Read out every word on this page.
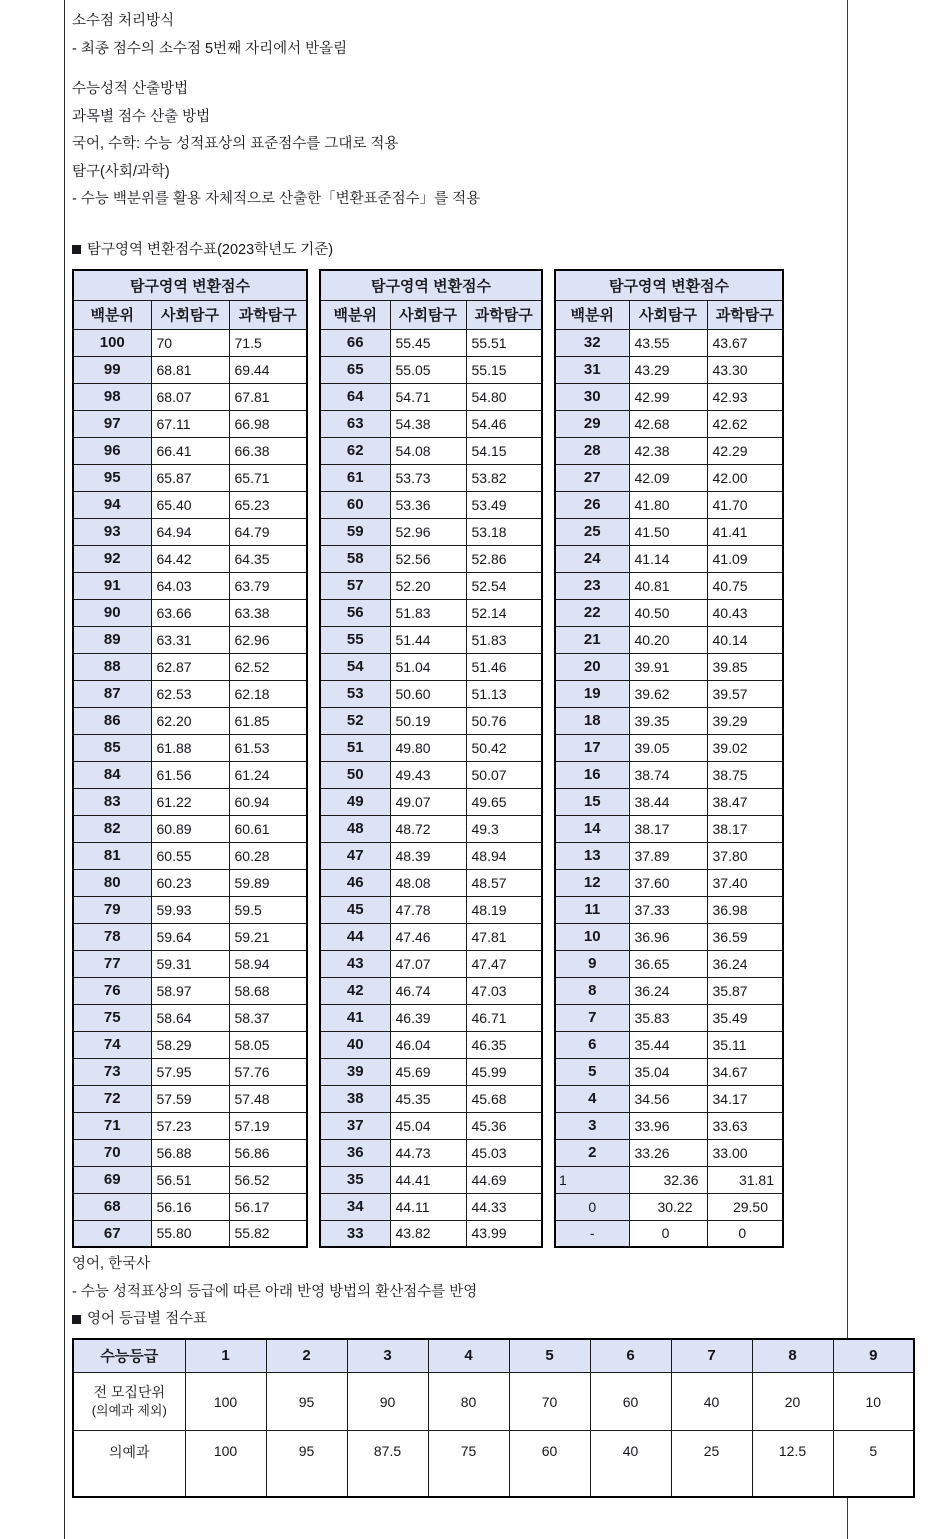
소수점 처리방식

- 최종 점수의 소수점 5번째 자리에서 반올림

수능성적 산출방법

과목별 점수 산출 방법

국어, 수학: 수능 성적표상의 표준점수를 그대로 적용

탐구(사회/과학)

- 수능 백분위를 활용 자체적으로 산출한「변환표준점수」를 적용

탐구영역 변환점수표(2023학년도 기준)
탐구영역 변환점수		
백분위	사회탐구	과학탐구
100	70	71.5
99	68.81	69.44
98	68.07	67.81
97	67.11	66.98
96	66.41	66.38
95	65.87	65.71
94	65.40	65.23
93	64.94	64.79
92	64.42	64.35
91	64.03	63.79
90	63.66	63.38
89	63.31	62.96
88	62.87	62.52
87	62.53	62.18
86	62.20	61.85
85	61.88	61.53
84	61.56	61.24
83	61.22	60.94
82	60.89	60.61
81	60.55	60.28
80	60.23	59.89
79	59.93	59.5
78	59.64	59.21
77	59.31	58.94
76	58.97	58.68
75	58.64	58.37
74	58.29	58.05
73	57.95	57.76
72	57.59	57.48
71	57.23	57.19
70	56.88	56.86
69	56.51	56.52
68	56.16	56.17
67	55.80	55.82
탐구영역 변환점수		
백분위	사회탐구	과학탐구
66	55.45	55.51
65	55.05	55.15
64	54.71	54.80
63	54.38	54.46
62	54.08	54.15
61	53.73	53.82
60	53.36	53.49
59	52.96	53.18
58	52.56	52.86
57	52.20	52.54
56	51.83	52.14
55	51.44	51.83
54	51.04	51.46
53	50.60	51.13
52	50.19	50.76
51	49.80	50.42
50	49.43	50.07
49	49.07	49.65
48	48.72	49.3
47	48.39	48.94
46	48.08	48.57
45	47.78	48.19
44	47.46	47.81
43	47.07	47.47
42	46.74	47.03
41	46.39	46.71
40	46.04	46.35
39	45.69	45.99
38	45.35	45.68
37	45.04	45.36
36	44.73	45.03
35	44.41	44.69
34	44.11	44.33
33	43.82	43.99
탐구영역 변환점수		
백분위	사회탐구	과학탐구
32	43.55	43.67
31	43.29	43.30
30	42.99	42.93
29	42.68	42.62
28	42.38	42.29
27	42.09	42.00
26	41.80	41.70
25	41.50	41.41
24	41.14	41.09
23	40.81	40.75
22	40.50	40.43
21	40.20	40.14
20	39.91	39.85
19	39.62	39.57
18	39.35	39.29
17	39.05	39.02
16	38.74	38.75
15	38.44	38.47
14	38.17	38.17
13	37.89	37.80
12	37.60	37.40
11	37.33	36.98
10	36.96	36.59
9	36.65	36.24
8	36.24	35.87
7	35.83	35.49
6	35.44	35.11
5	35.04	34.67
4	34.56	34.17
3	33.96	33.63
2	33.26	33.00
1	32.36	31.81
0	30.22	29.50
-	0	0

영어, 한국사

- 수능 성적표상의 등급에 따른 아래 반영 방법의 환산점수를 반영

영어 등급별 점수표
수능등급	1	2	3	4	5	6	7	8	9
전 모집단위
(의예과 제외)	100	95	90	80	70	60	40	20	10
의예과	100	95	87.5	75	60	40	25	12.5	5
